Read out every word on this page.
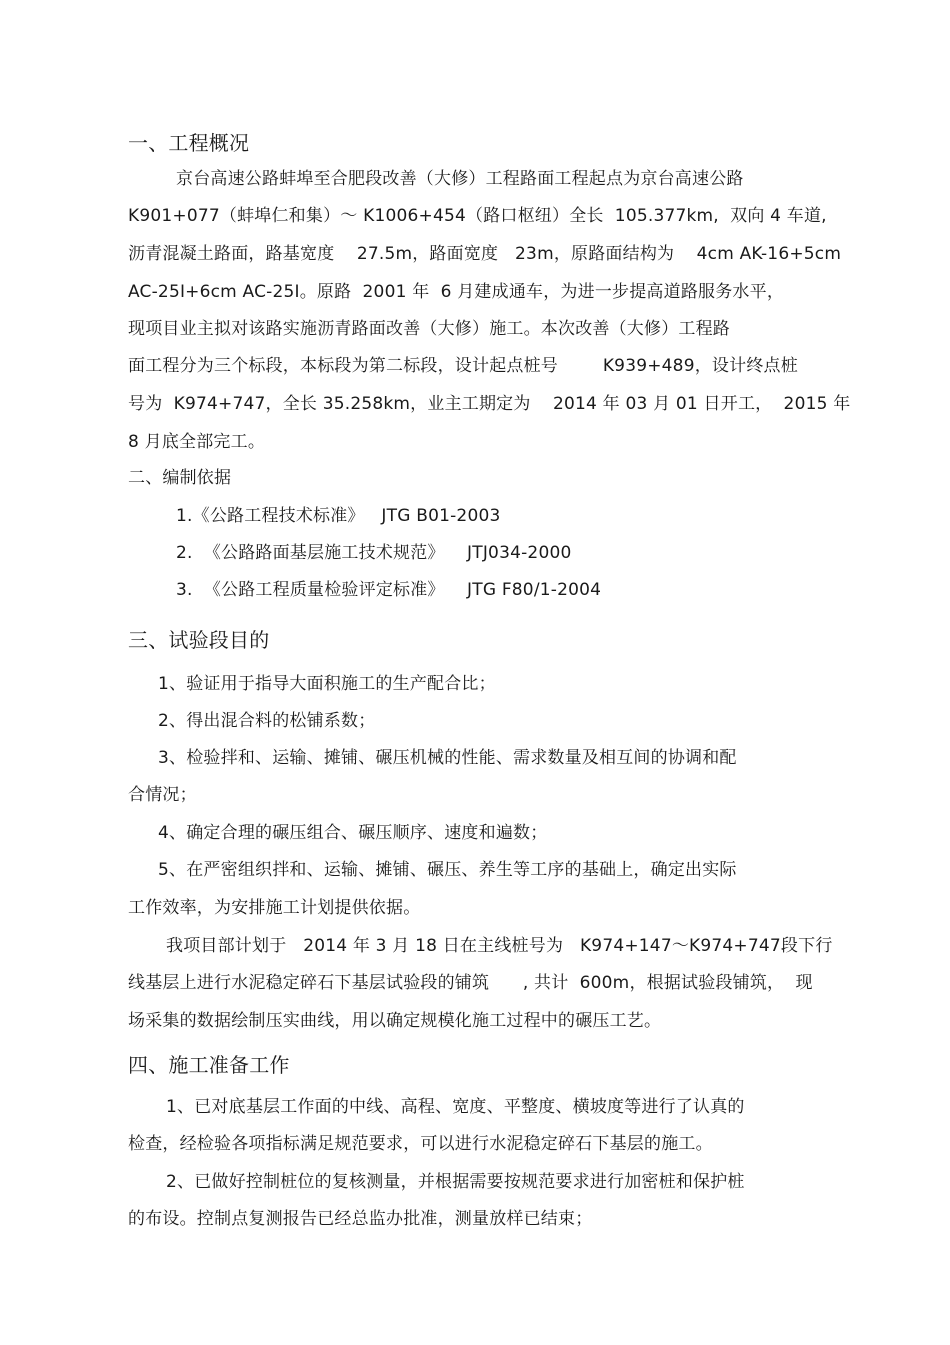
一、工程概况
京台高速公路蚌埠至合肥段改善（大修）工程路面工程起点为京台高速公路
K901+077（蚌埠仁和集）～ K1006+454（路口枢纽）全长  105.377km,  双向 4 车道,
沥青混凝土路面，路基宽度    27.5m，路面宽度   23m，原路面结构为    4cm AK-16+5cm
AC-25I+6cm AC-25I。原路  2001 年  6 月建成通车，为进一步提高道路服务水平，
现项目业主拟对该路实施沥青路面改善（大修）施工。本次改善（大修）工程路
面工程分为三个标段，本标段为第二标段，设计起点桩号        K939+489，设计终点桩
号为  K974+747，全长 35.258km，业主工期定为    2014 年 03 月 01 日开工，  2015 年
8 月底全部完工。
二、编制依据
1.《公路工程技术标准》   JTG B01-2003
2.  《公路路面基层施工技术规范》    JTJ034-2000
3.  《公路工程质量检验评定标准》    JTG F80/1-2004
三、试验段目的
1、验证用于指导大面积施工的生产配合比；
2、得出混合料的松铺系数；
3、检验拌和、运输、摊铺、碾压机械的性能、需求数量及相互间的协调和配
合情况；
4、确定合理的碾压组合、碾压顺序、速度和遍数；
5、在严密组织拌和、运输、摊铺、碾压、养生等工序的基础上，确定出实际
工作效率，为安排施工计划提供依据。
我项目部计划于   2014 年 3 月 18 日在主线桩号为   K974+147～K974+747段下行
线基层上进行水泥稳定碎石下基层试验段的铺筑      , 共计  600m，根据试验段铺筑，  现
场采集的数据绘制压实曲线，用以确定规模化施工过程中的碾压工艺。
四、施工准备工作
1、已对底基层工作面的中线、高程、宽度、平整度、横坡度等进行了认真的
检查，经检验各项指标满足规范要求，可以进行水泥稳定碎石下基层的施工。
2、已做好控制桩位的复核测量，并根据需要按规范要求进行加密桩和保护桩
的布设。控制点复测报告已经总监办批准，测量放样已结束；
